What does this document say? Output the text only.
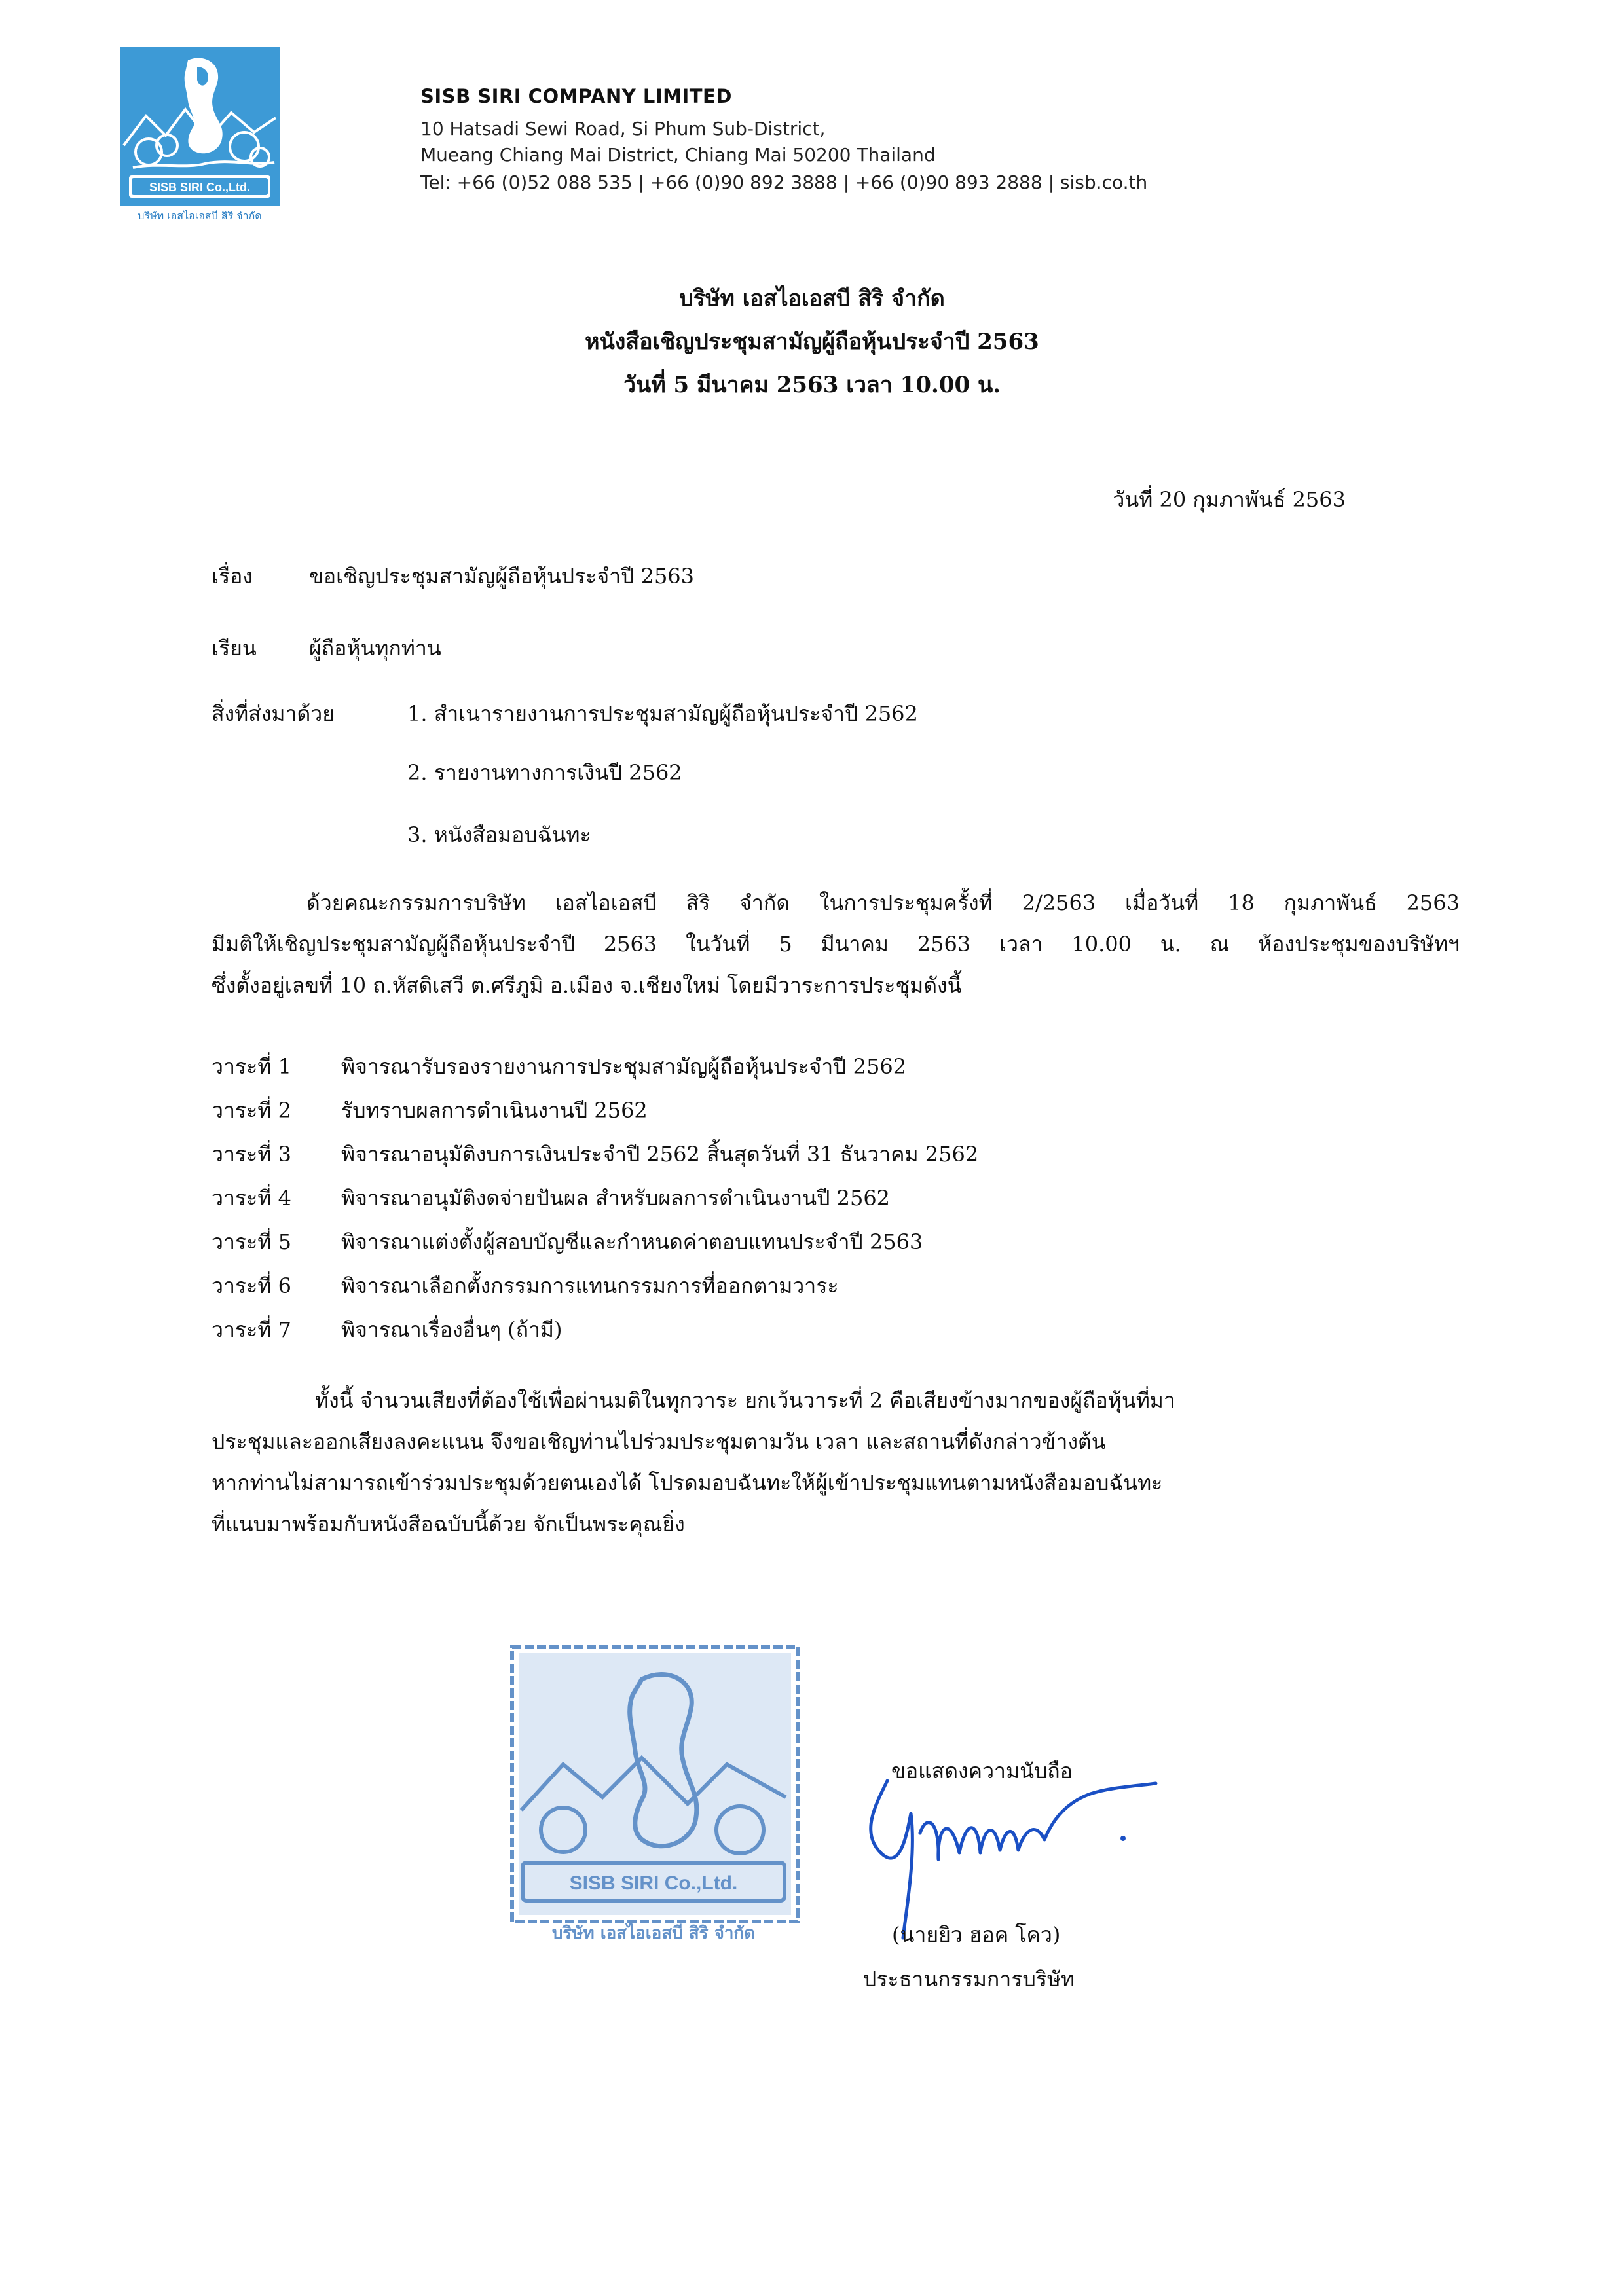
SISB SIRI Co.,Ltd.
บริษัท เอสไอเอสบี สิริ จำกัด
SISB SIRI COMPANY LIMITED
10 Hatsadi Sewi Road, Si Phum Sub-District,
Mueang Chiang Mai District, Chiang Mai 50200 Thailand
Tel: +66 (0)52 088 535 | +66 (0)90 892 3888 | +66 (0)90 893 2888 | sisb.co.th
บริษัท เอสไอเอสบี สิริ จำกัด
หนังสือเชิญประชุมสามัญผู้ถือหุ้นประจำปี 2563
วันที่ 5 มีนาคม 2563 เวลา 10.00 น.
วันที่ 20 กุมภาพันธ์ 2563
เรื่อง	ขอเชิญประชุมสามัญผู้ถือหุ้นประจำปี 2563
เรียน	ผู้ถือหุ้นทุกท่าน
สิ่งที่ส่งมาด้วย	1. สำเนารายงานการประชุมสามัญผู้ถือหุ้นประจำปี 2562
2. รายงานทางการเงินปี 2562
3. หนังสือมอบฉันทะ
ด้วยคณะกรรมการบริษัท เอสไอเอสบี สิริ จำกัด ในการประชุมครั้งที่ 2/2563 เมื่อวันที่ 18 กุมภาพันธ์ 2563
มีมติให้เชิญประชุมสามัญผู้ถือหุ้นประจำปี 2563 ในวันที่ 5 มีนาคม 2563 เวลา 10.00 น. ณ ห้องประชุมของบริษัทฯ
ซึ่งตั้งอยู่เลขที่ 10 ถ.หัสดิเสวี ต.ศรีภูมิ อ.เมือง จ.เชียงใหม่ โดยมีวาระการประชุมดังนี้
วาระที่ 1 พิจารณารับรองรายงานการประชุมสามัญผู้ถือหุ้นประจำปี 2562
วาระที่ 2 รับทราบผลการดำเนินงานปี 2562
วาระที่ 3 พิจารณาอนุมัติงบการเงินประจำปี 2562 สิ้นสุดวันที่ 31 ธันวาคม 2562
วาระที่ 4 พิจารณาอนุมัติงดจ่ายปันผล สำหรับผลการดำเนินงานปี 2562
วาระที่ 5 พิจารณาแต่งตั้งผู้สอบบัญชีและกำหนดค่าตอบแทนประจำปี 2563
วาระที่ 6 พิจารณาเลือกตั้งกรรมการแทนกรรมการที่ออกตามวาระ
วาระที่ 7 พิจารณาเรื่องอื่นๆ (ถ้ามี)
ทั้งนี้ จำนวนเสียงที่ต้องใช้เพื่อผ่านมติในทุกวาระ ยกเว้นวาระที่ 2 คือเสียงข้างมากของผู้ถือหุ้นที่มา
ประชุมและออกเสียงลงคะแนน จึงขอเชิญท่านไปร่วมประชุมตามวัน เวลา และสถานที่ดังกล่าวข้างต้น
หากท่านไม่สามารถเข้าร่วมประชุมด้วยตนเองได้ โปรดมอบฉันทะให้ผู้เข้าประชุมแทนตามหนังสือมอบฉันทะ
ที่แนบมาพร้อมกับหนังสือฉบับนี้ด้วย จักเป็นพระคุณยิ่ง
SISB SIRI Co.,Ltd.
บริษัท เอสไอเอสบี สิริ จำกัด
ขอแสดงความนับถือ
(นายยิว ฮอค โคว)
ประธานกรรมการบริษัท
